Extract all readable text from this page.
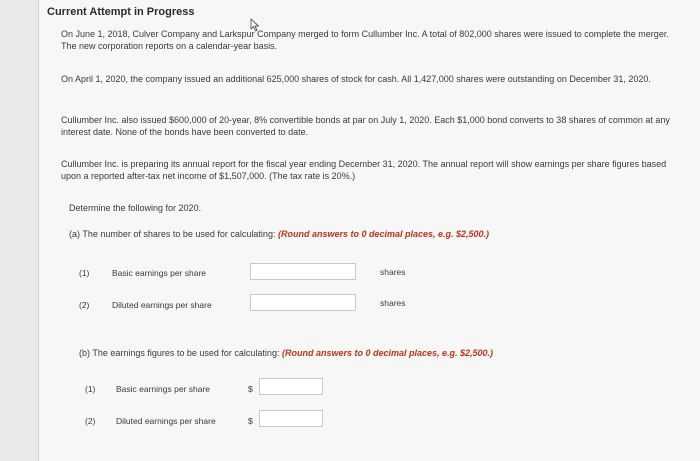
Current Attempt in Progress
On June 1, 2018, Culver Company and Larkspur Company merged to form Cullumber Inc. A total of 802,000 shares were issued to complete the merger. The new corporation reports on a calendar-year basis.
On April 1, 2020, the company issued an additional 625,000 shares of stock for cash. All 1,427,000 shares were outstanding on December 31, 2020.
Cullumber Inc. also issued $600,000 of 20-year, 8% convertible bonds at par on July 1, 2020. Each $1,000 bond converts to 38 shares of common at any interest date. None of the bonds have been converted to date.
Cullumber Inc. is preparing its annual report for the fiscal year ending December 31, 2020. The annual report will show earnings per share figures based upon a reported after-tax net income of $1,507,000. (The tax rate is 20%.)
Determine the following for 2020.
(a) The number of shares to be used for calculating: (Round answers to 0 decimal places, e.g. $2,500.)
(1)	Basic earnings per share	shares
(2)	Diluted earnings per share	shares
(b) The earnings figures to be used for calculating: (Round answers to 0 decimal places, e.g. $2,500.)
(1) Basic earnings per share	$
(2) Diluted earnings per share	$
